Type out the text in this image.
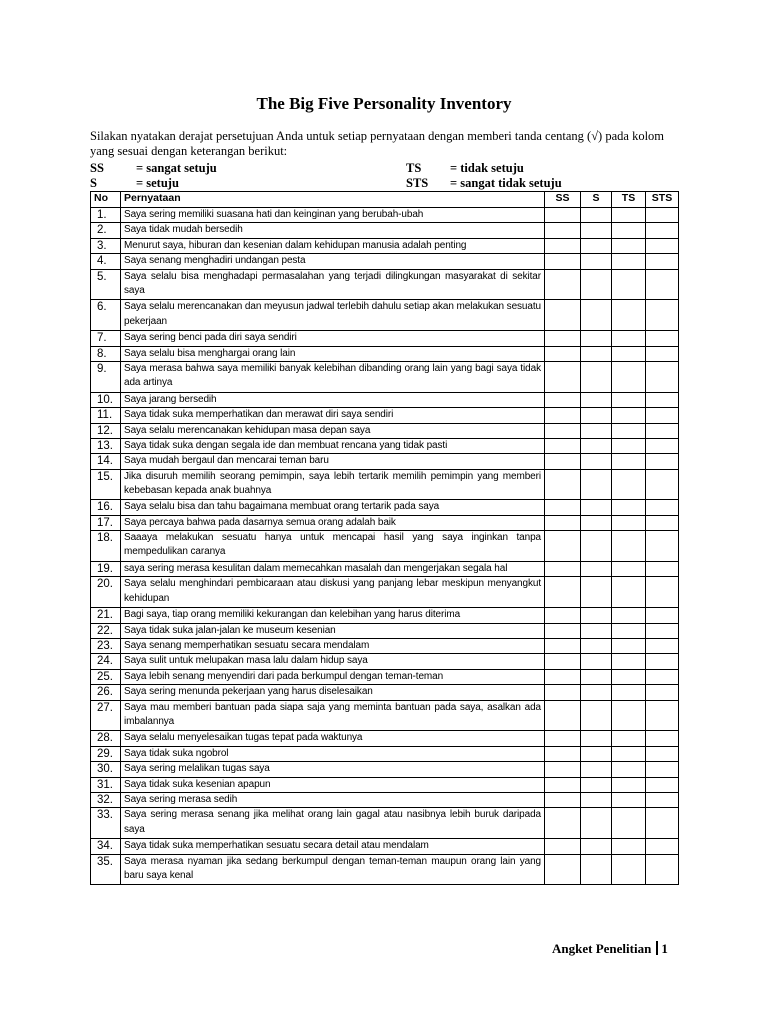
The Big Five Personality Inventory
Silakan nyatakan derajat persetujuan Anda untuk setiap pernyataan dengan memberi tanda centang (√) pada kolom yang sesuai dengan keterangan berikut:
SS	= sangat setuju	TS = tidak setuju
S	= setuju	STS = sangat tidak setuju
No	Pernyataan	SS	S	TS	STS
1.	Saya sering memiliki suasana hati dan keinginan yang berubah-ubah				
2.	Saya tidak mudah bersedih				
3.	Menurut saya, hiburan dan kesenian dalam kehidupan manusia adalah penting				
4.	Saya senang menghadiri undangan pesta				
5.	Saya selalu bisa menghadapi permasalahan yang terjadi dilingkungan masyarakat di sekitar saya				
6.	Saya selalu merencanakan dan meyusun jadwal terlebih dahulu setiap akan melakukan sesuatu pekerjaan				
7.	Saya sering benci pada diri saya sendiri				
8.	Saya selalu bisa menghargai orang lain				
9.	Saya merasa bahwa saya memiliki banyak kelebihan dibanding orang lain yang bagi saya tidak ada artinya				
10.	Saya jarang bersedih				
11.	Saya tidak suka memperhatikan dan merawat diri saya sendiri				
12.	Saya selalu merencanakan kehidupan masa depan saya				
13.	Saya tidak suka dengan segala ide dan membuat rencana yang tidak pasti				
14.	Saya mudah bergaul dan mencarai teman baru				
15.	Jika disuruh memilih seorang pemimpin, saya lebih tertarik memilih pemimpin yang memberi kebebasan kepada anak buahnya				
16.	Saya selalu bisa dan tahu bagaimana membuat orang tertarik pada saya				
17.	Saya percaya bahwa pada dasarnya semua orang adalah baik				
18.	Saaaya melakukan sesuatu hanya untuk mencapai hasil yang saya inginkan tanpa mempedulikan caranya				
19.	saya sering merasa kesulitan dalam memecahkan masalah dan mengerjakan segala hal				
20.	Saya selalu menghindari pembicaraan atau diskusi yang panjang lebar meskipun menyangkut kehidupan				
21.	Bagi saya, tiap orang memiliki kekurangan dan kelebihan yang harus diterima				
22.	Saya tidak suka jalan-jalan ke museum kesenian				
23.	Saya senang memperhatikan sesuatu secara mendalam				
24.	Saya sulit untuk melupakan masa lalu dalam hidup saya				
25.	Saya lebih senang menyendiri dari pada berkumpul dengan teman-teman				
26.	Saya sering menunda pekerjaan yang harus diselesaikan				
27.	Saya mau memberi bantuan pada siapa saja yang meminta bantuan pada saya, asalkan ada imbalannya				
28.	Saya selalu menyelesaikan tugas tepat pada waktunya				
29.	Saya tidak suka ngobrol				
30.	Saya sering melalikan tugas saya				
31.	Saya tidak suka kesenian apapun				
32.	Saya sering merasa sedih				
33.	Saya sering merasa senang jika melihat orang lain gagal atau nasibnya lebih buruk daripada saya				
34.	Saya tidak suka memperhatikan sesuatu secara detail atau mendalam				
35.	Saya merasa nyaman jika sedang berkumpul dengan teman-teman maupun orang lain yang baru saya kenal				
Angket Penelitian 1
